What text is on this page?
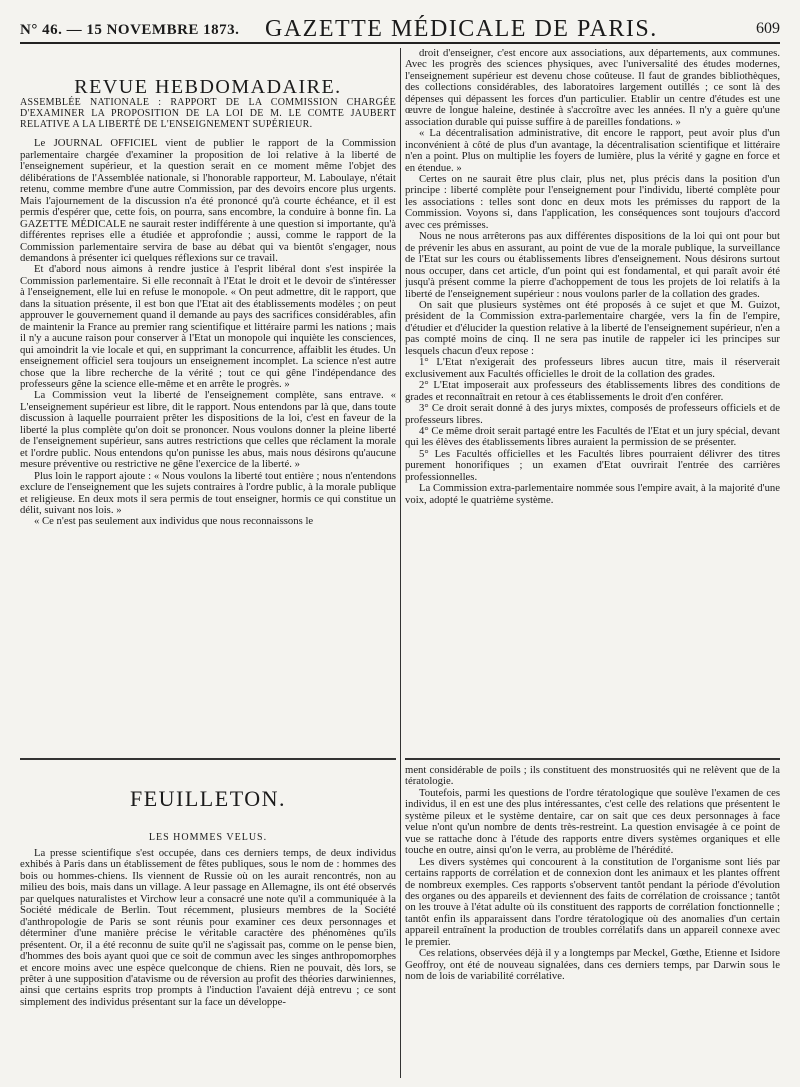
N° 46. — 15 NOVEMBRE 1873. GAZETTE MÉDICALE DE PARIS.	609
REVUE HEBDOMADAIRE.
ASSEMBLÉE NATIONALE : RAPPORT DE LA COMMISSION CHARGÉE D'EXAMINER LA PROPOSITION DE LA LOI DE M. LE COMTE JAUBERT RELATIVE A LA LIBERTÉ DE L'ENSEIGNEMENT SUPÉRIEUR.

Le JOURNAL OFFICIEL vient de publier le rapport de la Commission parlementaire chargée d'examiner la proposition de loi relative à la liberté de l'enseignement supérieur, et la question serait en ce moment même l'objet des délibérations de l'Assemblée nationale, si l'honorable rapporteur, M. Laboulaye, n'était retenu, comme membre d'une autre Commission, par des devoirs encore plus urgents. Mais l'ajournement de la discussion n'a été prononcé qu'à courte échéance, et il est permis d'espérer que, cette fois, on pourra, sans encombre, la conduire à bonne fin. La GAZETTE MÉDICALE ne saurait rester indifférente à une question si importante, qu'à différentes reprises elle a étudiée et approfondie ; aussi, comme le rapport de la Commission parlementaire servira de base au débat qui va bientôt s'engager, nous demandons à présenter ici quelques réflexions sur ce travail.

Et d'abord nous aimons à rendre justice à l'esprit libéral dont s'est inspirée la Commission parlementaire. Si elle reconnaît à l'Etat le droit et le devoir de s'intéresser à l'enseignement, elle lui en refuse le monopole. « On peut admettre, dit le rapport, que dans la situation présente, il est bon que l'Etat ait des établissements modèles ; on peut approuver le gouvernement quand il demande au pays des sacrifices considérables, afin de maintenir la France au premier rang scientifique et littéraire parmi les nations ; mais il n'y a aucune raison pour conserver à l'Etat un monopole qui inquiète les consciences, qui amoindrit la vie locale et qui, en supprimant la concurrence, affaiblit les études. Un enseignement officiel sera toujours un enseignement incomplet. La science n'est autre chose que la libre recherche de la vérité ; tout ce qui gêne l'indépendance des professeurs gêne la science elle-même et en arrête le progrès. »

La Commission veut la liberté de l'enseignement complète, sans entrave. « L'enseignement supérieur est libre, dit le rapport. Nous entendons par là que, dans toute discussion à laquelle pourraient prêter les dispositions de la loi, c'est en faveur de la liberté la plus complète qu'on doit se prononcer. Nous voulons donner la pleine liberté de l'enseignement supérieur, sans autres restrictions que celles que réclament la morale et l'ordre public. Nous entendons qu'on punisse les abus, mais nous désirons qu'aucune mesure préventive ou restrictive ne gêne l'exercice de la liberté. »

Plus loin le rapport ajoute : « Nous voulons la liberté tout entière ; nous n'entendons exclure de l'enseignement que les sujets contraires à l'ordre public, à la morale publique et religieuse. En deux mots il sera permis de tout enseigner, hormis ce qui constitue un délit, suivant nos lois. »

« Ce n'est pas seulement aux individus que nous reconnaissons le

droit d'enseigner, c'est encore aux associations, aux départements, aux communes. Avec les progrès des sciences physiques, avec l'universalité des études modernes, l'enseignement supérieur est devenu chose coûteuse. Il faut de grandes bibliothèques, des collections considérables, des laboratoires largement outillés ; ce sont là des dépenses qui dépassent les forces d'un particulier. Etablir un centre d'études est une œuvre de longue haleine, destinée à s'accroître avec les années. Il n'y a guère qu'une association durable qui puisse suffire à de pareilles fondations. »

« La décentralisation administrative, dit encore le rapport, peut avoir plus d'un inconvénient à côté de plus d'un avantage, la décentralisation scientifique et littéraire n'en a point. Plus on multiplie les foyers de lumière, plus la vérité y gagne en force et en étendue. »

Certes on ne saurait être plus clair, plus net, plus précis dans la position d'un principe : liberté complète pour l'enseignement pour l'individu, liberté complète pour les associations : telles sont donc en deux mots les prémisses du rapport de la Commission. Voyons si, dans l'application, les conséquences sont toujours d'accord avec ces prémisses.

Nous ne nous arrêterons pas aux différentes dispositions de la loi qui ont pour but de prévenir les abus en assurant, au point de vue de la morale publique, la surveillance de l'Etat sur les cours ou établissements libres d'enseignement. Nous désirons surtout nous occuper, dans cet article, d'un point qui est fondamental, et qui paraît avoir été jusqu'à présent comme la pierre d'achoppement de tous les projets de loi relatifs à la liberté de l'enseignement supérieur : nous voulons parler de la collation des grades.

On sait que plusieurs systèmes ont été proposés à ce sujet et que M. Guizot, président de la Commission extra-parlementaire chargée, vers la fin de l'empire, d'étudier et d'élucider la question relative à la liberté de l'enseignement supérieur, n'en a pas compté moins de cinq. Il ne sera pas inutile de rappeler ici les principes sur lesquels chacun d'eux repose :

1° L'Etat n'exigerait des professeurs libres aucun titre, mais il réserverait exclusivement aux Facultés officielles le droit de la collation des grades.

2° L'Etat imposerait aux professeurs des établissements libres des conditions de grades et reconnaîtrait en retour à ces établissements le droit d'en conférer.

3° Ce droit serait donné à des jurys mixtes, composés de professeurs officiels et de professeurs libres.

4° Ce même droit serait partagé entre les Facultés de l'Etat et un jury spécial, devant qui les élèves des établissements libres auraient la permission de se présenter.

5° Les Facultés officielles et les Facultés libres pourraient délivrer des titres purement honorifiques ; un examen d'Etat ouvrirait l'entrée des carrières professionnelles.

La Commission extra-parlementaire nommée sous l'empire avait, à la majorité d'une voix, adopté le quatrième système.

FEUILLETON.
LES HOMMES VELUS.

La presse scientifique s'est occupée, dans ces derniers temps, de deux individus exhibés à Paris dans un établissement de fêtes publiques, sous le nom de : hommes des bois ou hommes-chiens. Ils viennent de Russie où on les aurait rencontrés, non au milieu des bois, mais dans un village. A leur passage en Allemagne, ils ont été observés par quelques naturalistes et Virchow leur a consacré une note qu'il a communiquée à la Société médicale de Berlin. Tout récemment, plusieurs membres de la Société d'anthropologie de Paris se sont réunis pour examiner ces deux personnages et déterminer d'une manière précise le véritable caractère des phénomènes qu'ils présentent. Or, il a été reconnu de suite qu'il ne s'agissait pas, comme on le pense bien, d'hommes des bois ayant quoi que ce soit de commun avec les singes anthropomorphes et encore moins avec une espèce quelconque de chiens. Rien ne pouvait, dès lors, se prêter à une supposition d'atavisme ou de réversion au profit des théories darwiniennes, ainsi que certains esprits trop prompts à l'induction l'avaient déjà entrevu ; ce sont simplement des individus présentant sur la face un développe-

ment considérable de poils ; ils constituent des monstruosités qui ne relèvent que de la tératologie.

Toutefois, parmi les questions de l'ordre tératologique que soulève l'examen de ces individus, il en est une des plus intéressantes, c'est celle des relations que présentent le système pileux et le système dentaire, car on sait que ces deux personnages à face velue n'ont qu'un nombre de dents très-restreint. La question envisagée à ce point de vue se rattache donc à l'étude des rapports entre divers systèmes organiques et elle touche en outre, ainsi qu'on le verra, au problème de l'hérédité.

Les divers systèmes qui concourent à la constitution de l'organisme sont liés par certains rapports de corrélation et de connexion dont les animaux et les plantes offrent de nombreux exemples. Ces rapports s'observent tantôt pendant la période d'évolution des organes ou des appareils et deviennent des faits de corrélation de croissance ; tantôt on les trouve à l'état adulte où ils constituent des rapports de corrélation fonctionnelle ; tantôt enfin ils apparaissent dans l'ordre tératologique où des anomalies d'un certain appareil entraînent la production de troubles corrélatifs dans un appareil connexe avec le premier.

Ces relations, observées déjà il y a longtemps par Meckel, Gœthe, Etienne et Isidore Geoffroy, ont été de nouveau signalées, dans ces derniers temps, par Darwin sous le nom de lois de variabilité corrélative.
